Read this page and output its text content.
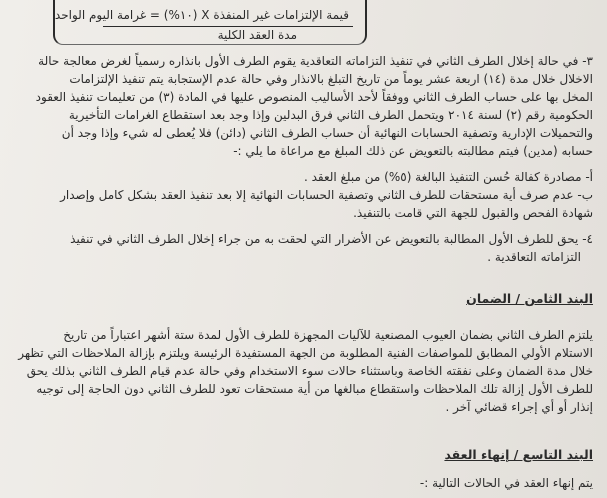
قيمة الإلتزامات غير المنفذة X (١٠%) = غرامة اليوم الواحد
مدة العقد الكلية
٣- في حالة إخلال الطرف الثاني في تنفيذ التزاماته التعاقدية يقوم الطرف الأول بانذاره رسمياً لغرض معالجة حالة
الاخلال خلال مدة (١٤) اربعة عشر يوماً من تاريخ التبلغ بالانذار وفي حالة عدم الإستجابة يتم تنفيذ الإلتزامات
المخل بها على حساب الطرف الثاني ووفقاً لأحد الأساليب المنصوص عليها في المادة (٣) من تعليمات تنفيذ العقود
الحكومية رقم (٢) لسنة ٢٠١٤ ويتحمل الطرف الثاني فرق البدلين وإذا وجد بعد استقطاع الغرامات التأخيرية
والتحميلات الإدارية وتصفية الحسابات النهائية أن حساب الطرف الثاني (دائن) فلا يُعطى له شيء وإذا وجد أن
حسابه (مدين) فيتم مطالبته بالتعويض عن ذلك المبلغ مع مراعاة ما يلي :-
أ- مصادرة كفالة حُسن التنفيذ البالغة (٥%) من مبلغ العقد .
ب- عدم صرف أية مستحقات للطرف الثاني وتصفية الحسابات النهائية إلا بعد تنفيذ العقد بشكل كامل وإصدار
شهادة الفحص والقبول للجهة التي قامت بالتنفيذ.
٤- يحق للطرف الأول المطالبة بالتعويض عن الأضرار التي لحقت به من جراء إخلال الطرف الثاني في تنفيذ
التزاماته التعاقدية .
البند الثامن / الضمان
يلتزم الطرف الثاني بضمان العيوب المصنعية للآليات المجهزة للطرف الأول لمدة ستة أشهر اعتباراً من تاريخ
الاستلام الأولي المطابق للمواصفات الفنية المطلوبة من الجهة المستفيدة الرئيسة ويلتزم بإزالة الملاحظات التي تظهر
خلال مدة الضمان وعلى نفقته الخاصة وباستثناء حالات سوء الاستخدام وفي حالة عدم قيام الطرف الثاني بذلك يحق
للطرف الأول إزالة تلك الملاحظات واستقطاع مبالغها من أية مستحقات تعود للطرف الثاني دون الحاجة إلى توجيه
إنذار أو أي إجراء قضائي آخر .
البند التاسع / إنهاء العقد
يتم إنهاء العقد في الحالات التالية :-
